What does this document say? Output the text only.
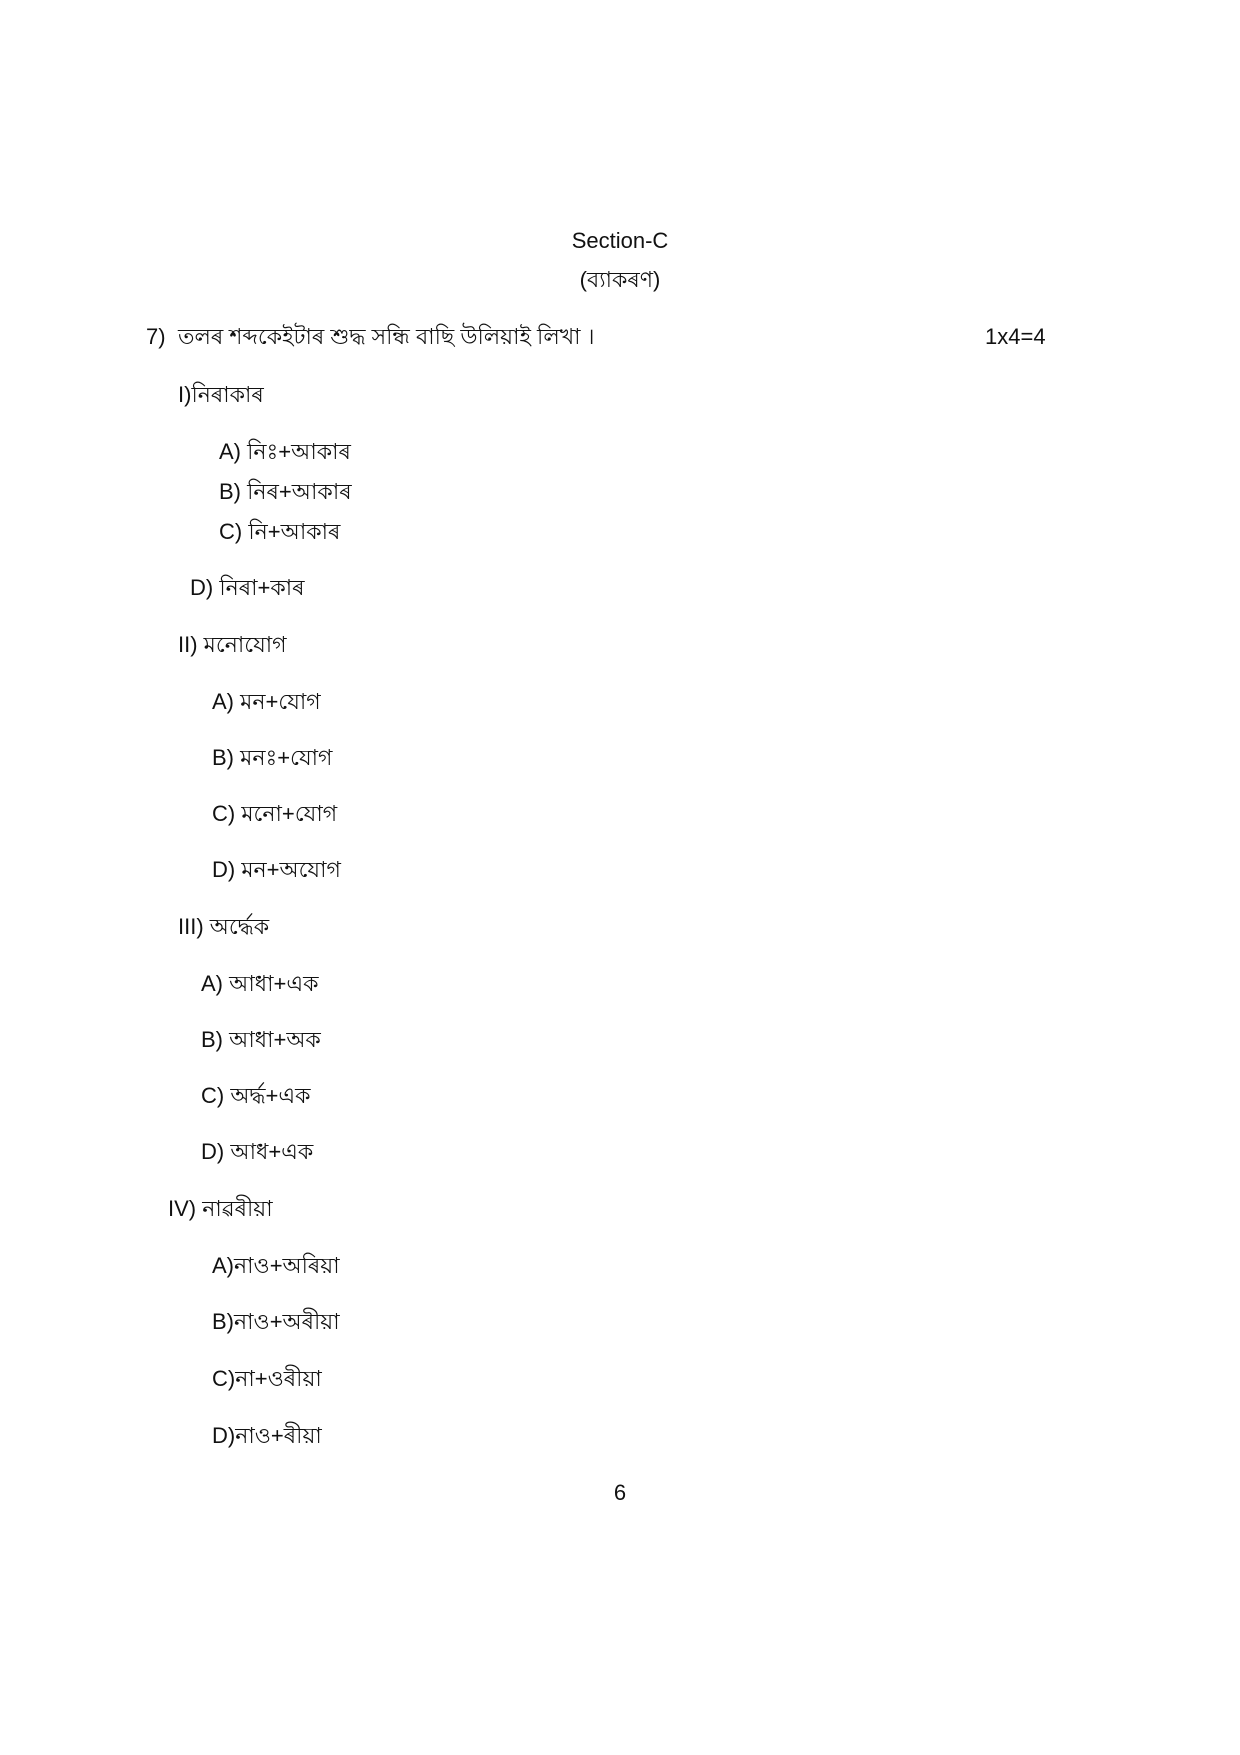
Section-C
(ব্যাকৰণ)
7) তলৰ শব্দকেইটাৰ শুদ্ধ সন্ধি বাছি উলিয়াই লিখা ।	1x4=4
I)নিৰাকাৰ
A) নিঃ+আকাৰ
B) নিৰ+আকাৰ
C) নি+আকাৰ
D) নিৰা+কাৰ
II) মনোযোগ
A) মন+যোগ
B) মনঃ+যোগ
C) মনো+যোগ
D) মন+অযোগ
III) অৰ্দ্ধেক
A) আধা+এক
B) আধা+অক
C) অৰ্দ্ধ+এক
D) আধ+এক
IV) নাৱৰীয়া
A)নাও+অৰিয়া
B)নাও+অৰীয়া
C)না+ওৰীয়া
D)নাও+ৰীয়া
6
